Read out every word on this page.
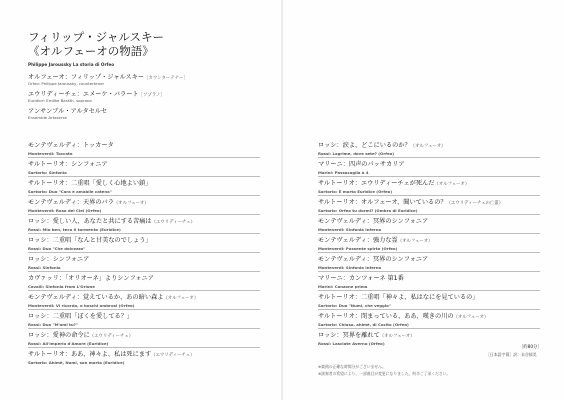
フィリップ・ジャルスキー
《オルフェーオの物語》
Philippe Jaroussky La storia di Orfeo
オルフェーオ：フィリップ・ジャルスキー［カウンターテナー］
Orfeo: Philippe Jaroussky, countertenor
エウリディーチェ：エメーケ・バラート［ソプラノ］
Euridice: Emőke Baráth, soprano
アンサンブル・アルタセルセ
Ensemble Artaserse
モンテヴェルディ：トッカータ
Monteverdi: Toccata
サルトーリオ：シンフォニア
Sartorio: Sinfonia
サルトーリオ：二重唱「愛しく心地よい鎖」
Sartorio: Duo "Cara e amabile catena"
モンテヴェルディ：天界のバラ（オルフェーオ）
Monteverdi: Rosa del Ciel (Orfeo)
ロッシ：愛しい人、あなたと共にする苦痛は（エウリディーチェ）
Rossi: Mio ben, teco il tormento (Euridice)
ロッシ：二重唱「なんと甘美なのでしょう」
Rossi: Duo "Che dolcezza"
ロッシ：シンフォニア
Rossi: Sinfonia
カヴァッリ：「オリオーネ」よりシンフォニア
Cavalli: Sinfonia from L'Orione
モンテヴェルディ：覚えているか、あの暗い森よ（オルフェーオ）
Monteverdi: Vi ricorda, o boschi ombrosi (Orfeo)
ロッシ：二重唱「ぼくを愛してる？」
Rossi: Duo "M'ami tu?"
ロッシ：愛神の命令に（エウリディーチェ）
Rossi: All'imperio d'Amore (Euridice)
サルトーリオ：ああ、神々よ、私は死にます（エウリディーチェ）
Sartorio: Ahimè, Numi, son morta (Euridice)
ロッシ：涙よ、どこにいるのか？（オルフェーオ）
Rossi: Lagrime, dove sete? (Orfeo)
マリーニ：四声のパッサカリア
Marini: Passacaglia à 4
サルトーリオ：エウリディーチェが死んだ（オルフェーオ）
Sartorio: È morta Euridice (Orfeo)
サルトーリオ：オルフェーオ、聞いているの？（エウリディーチェの亡霊）
Sartorio: Orfeo tu dormi? (Ombra di Euridice)
モンテヴェルディ：冥界のシンフォニア
Monteverdi: Sinfonia Inferno
モンテヴェルディ：強力な霊（オルフェーオ）
Monteverdi: Possente spirto (Orfeo)
モンテヴェルディ：冥界のシンフォニア
Monteverdi: Sinfonia Inferno
マリーニ：カンツォーネ 第1番
Marini: Canzone prima
サルトーリオ：二重唱「神々よ、私はなにを見ているの」
Sartorio: Duo "Numi, che veggio"
サルトーリオ：閉まっている、ああ、嘆きの川の（オルフェーオ）
Sartorio: Chiuso, ahimè, di Cocito (Orfeo)
ロッシ：冥界を離れて（オルフェーオ）
Rossi: Lasciate Averno (Orfeo)
［約80分］
［日本語字幕］訳：未谷郁美
※楽曲の正確な時間分がございません。
※演奏者の希望により、一部曲目が変更になりました。何卒ご了承ください。
